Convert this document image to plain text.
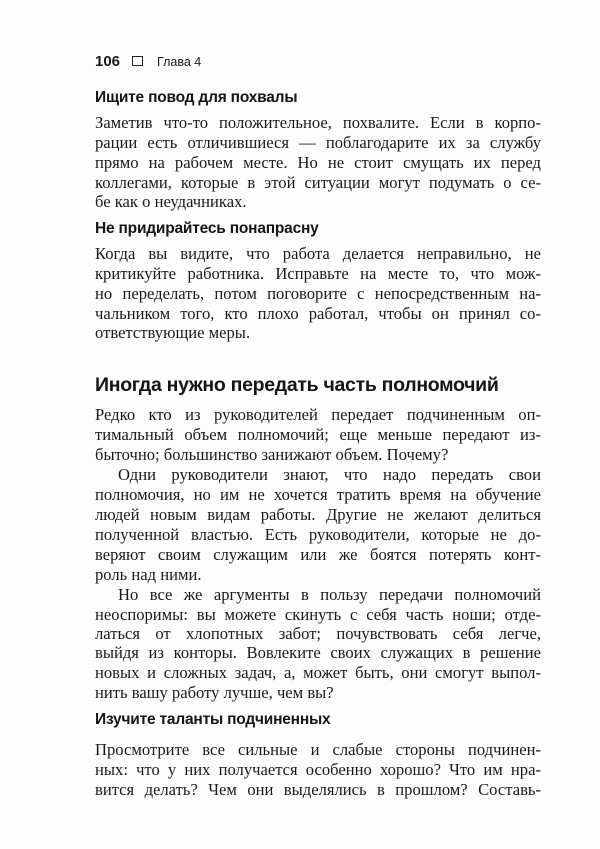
106	Глава 4
Ищите повод для похвалы
Заметив что-то положительное, похвалите. Если в корпо-
рации есть отличившиеся — поблагодарите их за службу
прямо на рабочем месте. Но не стоит смущать их перед
коллегами, которые в этой ситуации могут подумать о се-
бе как о неудачниках.
Не придирайтесь понапрасну
Когда вы видите, что работа делается неправильно, не
критикуйте работника. Исправьте на месте то, что мож-
но переделать, потом поговорите с непосредственным на-
чальником того, кто плохо работал, чтобы он принял со-
ответствующие меры.
Иногда нужно передать часть полномочий
Редко кто из руководителей передает подчиненным оп-
тимальный объем полномочий; еще меньше передают из-
быточно; большинство занижают объем. Почему?
Одни руководители знают, что надо передать свои
полномочия, но им не хочется тратить время на обучение
людей новым видам работы. Другие не желают делиться
полученной властью. Есть руководители, которые не до-
веряют своим служащим или же боятся потерять конт-
роль над ними.
Но все же аргументы в пользу передачи полномочий
неоспоримы: вы можете скинуть с себя часть ноши; отде-
латься от хлопотных забот; почувствовать себя легче,
выйдя из конторы. Вовлеките своих служащих в решение
новых и сложных задач, а, может быть, они смогут выпол-
нить вашу работу лучше, чем вы?
Изучите таланты подчиненных
Просмотрите все сильные и слабые стороны подчинен-
ных: что у них получается особенно хорошо? Что им нра-
вится делать? Чем они выделялись в прошлом? Составь-
